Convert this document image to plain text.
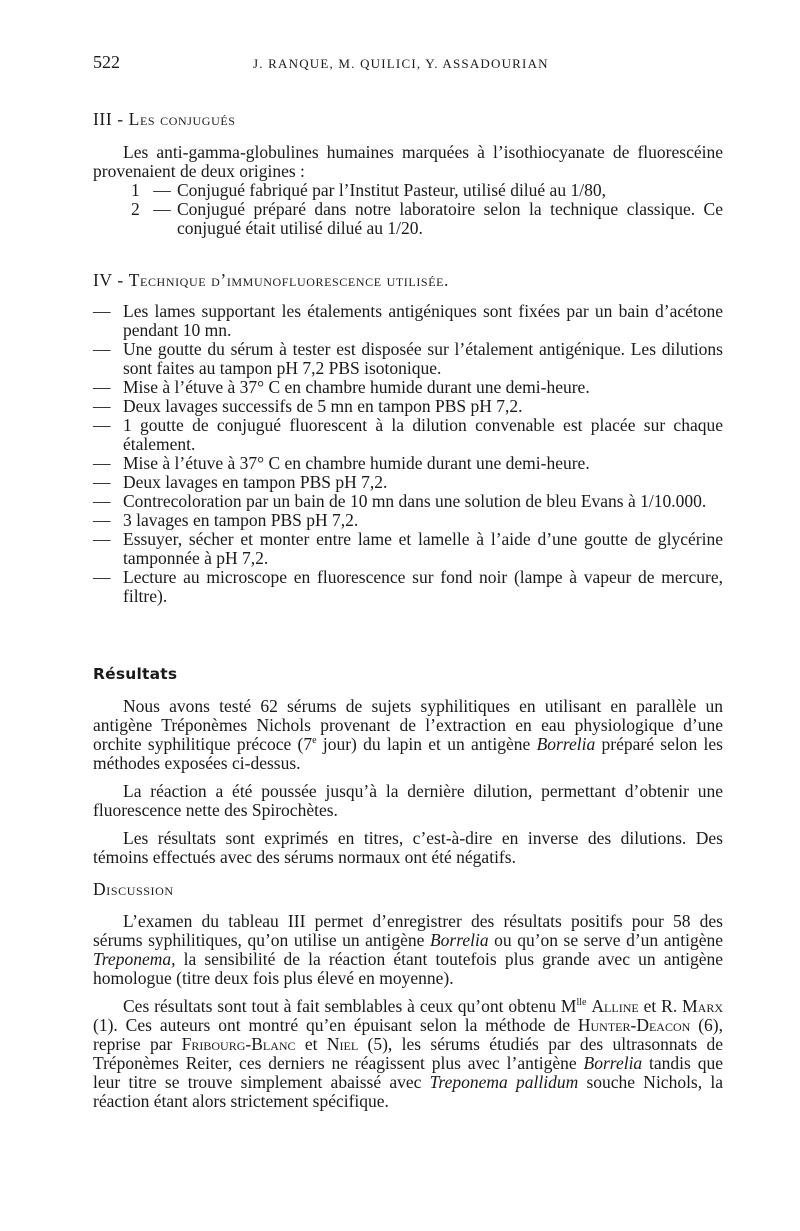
522	J. RANQUE, M. QUILICI, Y. ASSADOURIAN
III - Les conjugués

Les anti-gamma-globulines humaines marquées à l’isothiocyanate de fluorescéine provenaient de deux origines :

1 — Conjugué fabriqué par l’Institut Pasteur, utilisé dilué au 1/80,
2 — Conjugué préparé dans notre laboratoire selon la technique classique. Ce conjugué était utilisé dilué au 1/20.
IV - Technique d’immunofluorescence utilisée.
— Les lames supportant les étalements antigéniques sont fixées par un bain d’acétone pendant 10 mn.
— Une goutte du sérum à tester est disposée sur l’étalement antigénique. Les dilutions sont faites au tampon pH 7,2 PBS isotonique.
— Mise à l’étuve à 37° C en chambre humide durant une demi-heure.
— Deux lavages successifs de 5 mn en tampon PBS pH 7,2.
— 1 goutte de conjugué fluorescent à la dilution convenable est placée sur chaque étalement.
— Mise à l’étuve à 37° C en chambre humide durant une demi-heure.
— Deux lavages en tampon PBS pH 7,2.
— Contrecoloration par un bain de 10 mn dans une solution de bleu Evans à 1/10.000.
— 3 lavages en tampon PBS pH 7,2.
— Essuyer, sécher et monter entre lame et lamelle à l’aide d’une goutte de glycérine tamponnée à pH 7,2.
— Lecture au microscope en fluorescence sur fond noir (lampe à vapeur de mercure, filtre).
Résultats

Nous avons testé 62 sérums de sujets syphilitiques en utilisant en parallèle un antigène Tréponèmes Nichols provenant de l’extraction en eau physiologique d’une orchite syphilitique précoce (7e jour) du lapin et un antigène Borrelia préparé selon les méthodes exposées ci-dessus.

La réaction a été poussée jusqu’à la dernière dilution, permettant d’obtenir une fluorescence nette des Spirochètes.

Les résultats sont exprimés en titres, c’est-à-dire en inverse des dilutions. Des témoins effectués avec des sérums normaux ont été négatifs.

Discussion

L’examen du tableau III permet d’enregistrer des résultats positifs pour 58 des sérums syphilitiques, qu’on utilise un antigène Borrelia ou qu’on se serve d’un antigène Treponema, la sensibilité de la réaction étant toutefois plus grande avec un antigène homologue (titre deux fois plus élevé en moyenne).

Ces résultats sont tout à fait semblables à ceux qu’ont obtenu $M^{lle}$ Alline et R. Marx (1). Ces auteurs ont montré qu’en épuisant selon la méthode de Hunter-Deacon (6), reprise par Fribourg-Blanc et Niel (5), les sérums étudiés par des ultrasonnats de Tréponèmes Reiter, ces derniers ne réagissent plus avec l’antigène Borrelia tandis que leur titre se trouve simplement abaissé avec Treponema pallidum souche Nichols, la réaction étant alors strictement spécifique.
